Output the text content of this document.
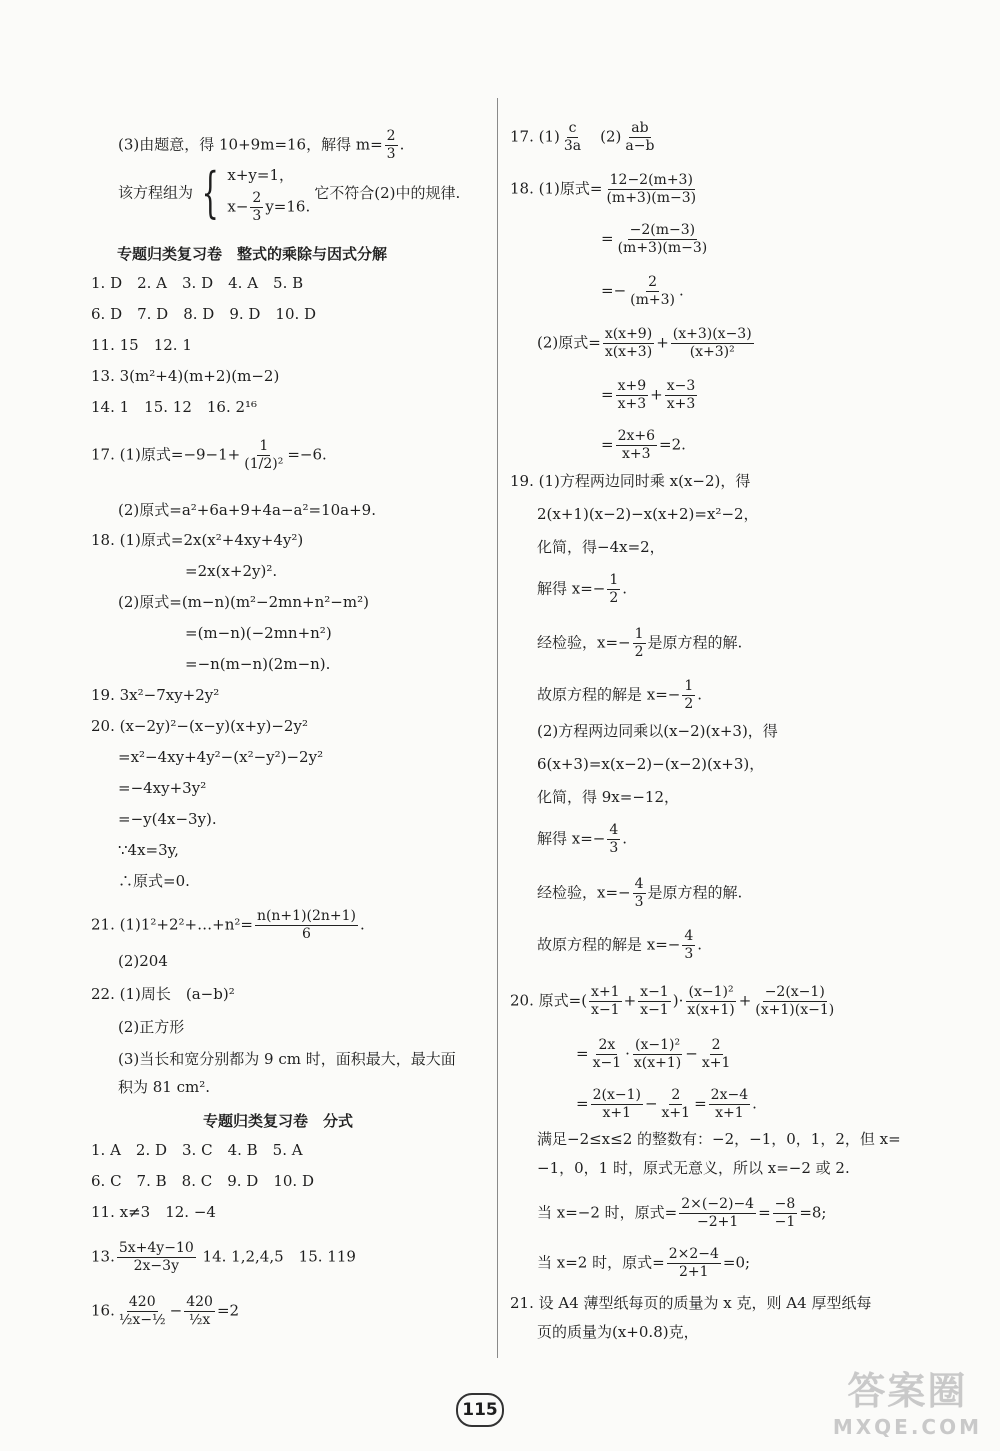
(3)由题意，得 10+9m=16，解得 $m= \frac{2}{3}$ .
该方程组为 { x+y=1，
$x- \frac{2}{3} y=16$.它不符合(2)中的规律.
专题归类复习卷　整式的乘除与因式分解
1. D　2. A　3. D　4. A　5. B
6. D　7. D　8. D　9. D　10. D
11. 15　12. 1
13. 3(m²+4)(m+2)(m−2)
14. 1　15. 12　16. 2¹⁶
17. (1)原式$=-9-1+ \frac{1}{\text{(1/2)²}} =-6$.
(2)原式=a²+6a+9+4a−a²=10a+9.
18. (1)原式=2x(x²+4xy+4y²)
=2x(x+2y)².
(2)原式=(m−n)(m²−2mn+n²−m²)
=(m−n)(−2mn+n²)
=−n(m−n)(2m−n).
19. 3x²−7xy+2y²
20. (x−2y)²−(x−y)(x+y)−2y²
=x²−4xy+4y²−(x²−y²)−2y²
=−4xy+3y²
=−y(4x−3y).
∵4x=3y,
∴原式=0.
21. (1)1²+2²+…+n²= $\frac{n(n+1)(2n+1)}{6}$ .
(2)204
22. (1)周长　(a−b)²
(2)正方形
(3)当长和宽分别都为 9 cm 时，面积最大，最大面
积为 81 cm².
专题归类复习卷　分式
1. A　2. D　3. C　4. B　5. A
6. C　7. B　8. C　9. D　10. D
11. x≠3　12. −4
13. $\frac{5x+4y-10}{2x-3y} 14$. 1,2,4,5　15. 119
16. $\frac{420}{\text{½x−½}} - \frac{420}{\text{½x}} =2$
17. $(1) \frac{c}{3a}$ 　$(2) \frac{ab}{a-b}$
18. (1)原式= $\frac{12-2(m+3)}{(m+3)(m-3)}$
= $\frac{-2(m-3)}{(m+3)(m-3)}$
=− $\frac{2}{(m+3)}$ .
(2)原式= $\frac{x(x+9)}{x(x+3)} + \frac{(x+3)(x-3)}{\text{(x+3)²}}$
= $\frac{x+9}{x+3} + \frac{x-3}{x+3}$
= $\frac{2x+6}{x+3} =2$.
19. (1)方程两边同时乘 x(x−2)，得
2(x+1)(x−2)−x(x+2)=x²−2，
化简，得−4x=2，
解得 $x=- \frac{1}{2}$ .
经检验，$x=- \frac{1}{2}$ 是原方程的解.
故原方程的解是 $x=- \frac{1}{2}$ .
(2)方程两边同乘以(x−2)(x+3)，得
6(x+3)=x(x−2)−(x−2)(x+3)，
化简，得 9x=−12，
解得 $x=- \frac{4}{3}$ .
经检验，$x=- \frac{4}{3}$ 是原方程的解.
故原方程的解是 $x=- \frac{4}{3}$ .
20. 原式=( $\frac{x+1}{x-1} + \frac{x-1}{x-1}$ )· $\frac{\text{(x−1)²}}{x(x+1)} + \frac{-2(x-1)}{(x+1)(x-1)}$
= $\frac{2x}{x-1} \cdot \frac{\text{(x−1)²}}{x(x+1)} - \frac{2}{x+1}$
= $\frac{2(x-1)}{x+1} - \frac{2}{x+1} = \frac{2x-4}{x+1}$ .
满足−2≤x≤2 的整数有：−2，−1，0，1，2，但 x=
−1，0，1 时，原式无意义，所以 x=−2 或 2.
当 x=−2 时，原式= $\frac{2\times(-2)-4}{-2+1} = \frac{-8}{-1} =8$;
当 x=2 时，原式= $\frac{2\times 2-4}{2+1} =0$;
21. 设 A4 薄型纸每页的质量为 x 克，则 A4 厚型纸每
页的质量为(x+0.8)克，
115	答案圈
MXQE.COM
